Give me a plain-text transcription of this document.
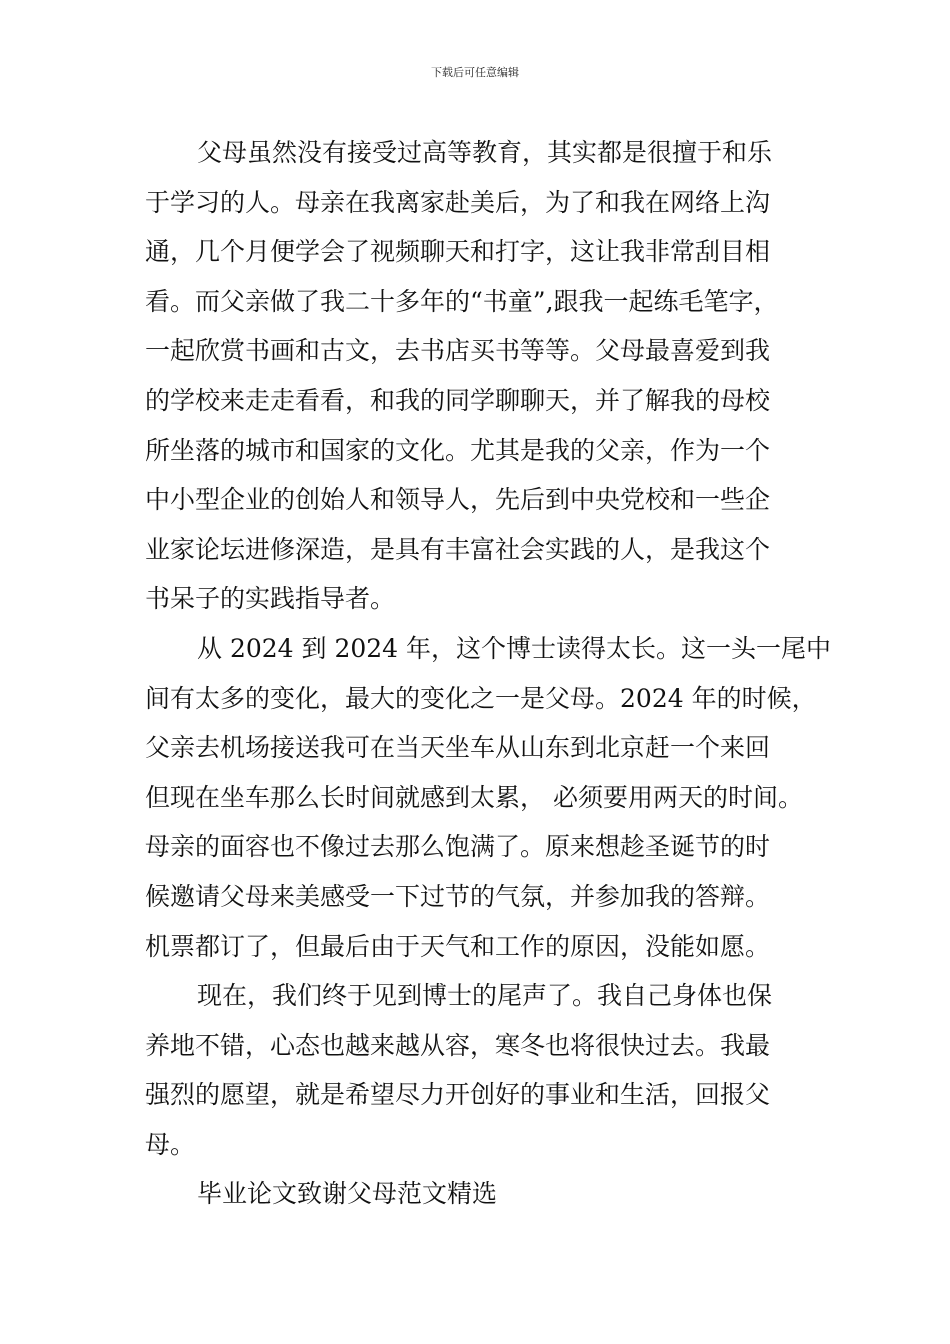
下载后可任意编辑
父母虽然没有接受过高等教育，其实都是很擅于和乐
于学习的人。母亲在我离家赴美后，为了和我在网络上沟
通，几个月便学会了视频聊天和打字，这让我非常刮目相
看。而父亲做了我二十多年的“书童”,跟我一起练毛笔字，
一起欣赏书画和古文，去书店买书等等。父母最喜爱到我
的学校来走走看看，和我的同学聊聊天，并了解我的母校
所坐落的城市和国家的文化。尤其是我的父亲，作为一个
中小型企业的创始人和领导人，先后到中央党校和一些企
业家论坛进修深造，是具有丰富社会实践的人，是我这个
书呆子的实践指导者。
从 2024 到 2024 年，这个博士读得太长。这一头一尾中
间有太多的变化，最大的变化之一是父母。2024 年的时候，
父亲去机场接送我可在当天坐车从山东到北京赶一个来回
但现在坐车那么长时间就感到太累， 必须要用两天的时间。
母亲的面容也不像过去那么饱满了。原来想趁圣诞节的时
候邀请父母来美感受一下过节的气氛，并参加我的答辩。
机票都订了，但最后由于天气和工作的原因，没能如愿。
现在，我们终于见到博士的尾声了。我自己身体也保
养地不错，心态也越来越从容，寒冬也将很快过去。我最
强烈的愿望，就是希望尽力开创好的事业和生活，回报父
母。
毕业论文致谢父母范文精选
